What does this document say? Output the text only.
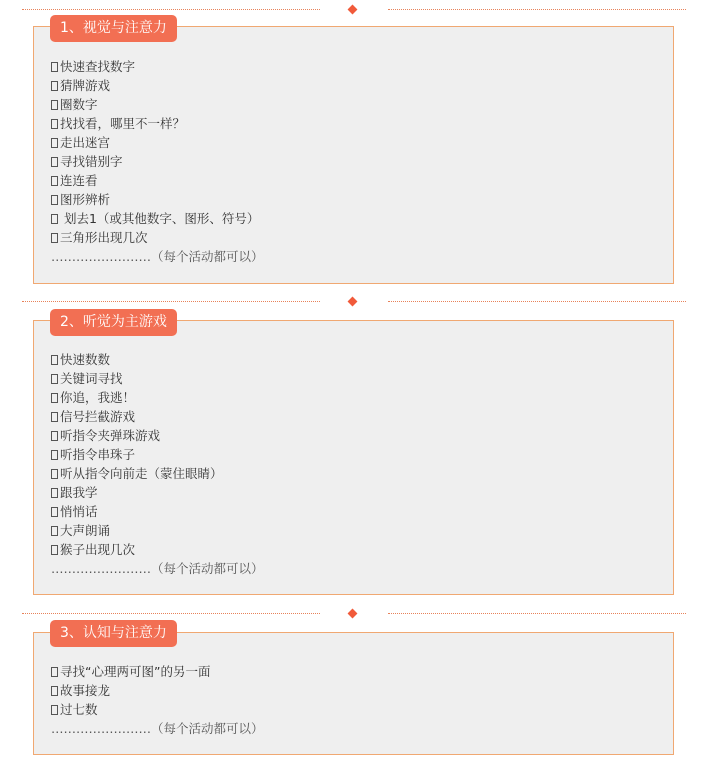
1、视觉与注意力
快速查找数字
猜牌游戏
圈数字
找找看，哪里不一样？
走出迷宫
寻找错别字
连连看
图形辨析
划去1（或其他数字、图形、符号）
三角形出现几次
……………………（每个活动都可以）
2、听觉为主游戏
快速数数
关键词寻找
你追，我逃！
信号拦截游戏
听指令夹弹珠游戏
听指令串珠子
听从指令向前走（蒙住眼睛）
跟我学
悄悄话
大声朗诵
猴子出现几次
……………………（每个活动都可以）
3、认知与注意力
寻找“心理两可图”的另一面
故事接龙
过七数
……………………（每个活动都可以）
